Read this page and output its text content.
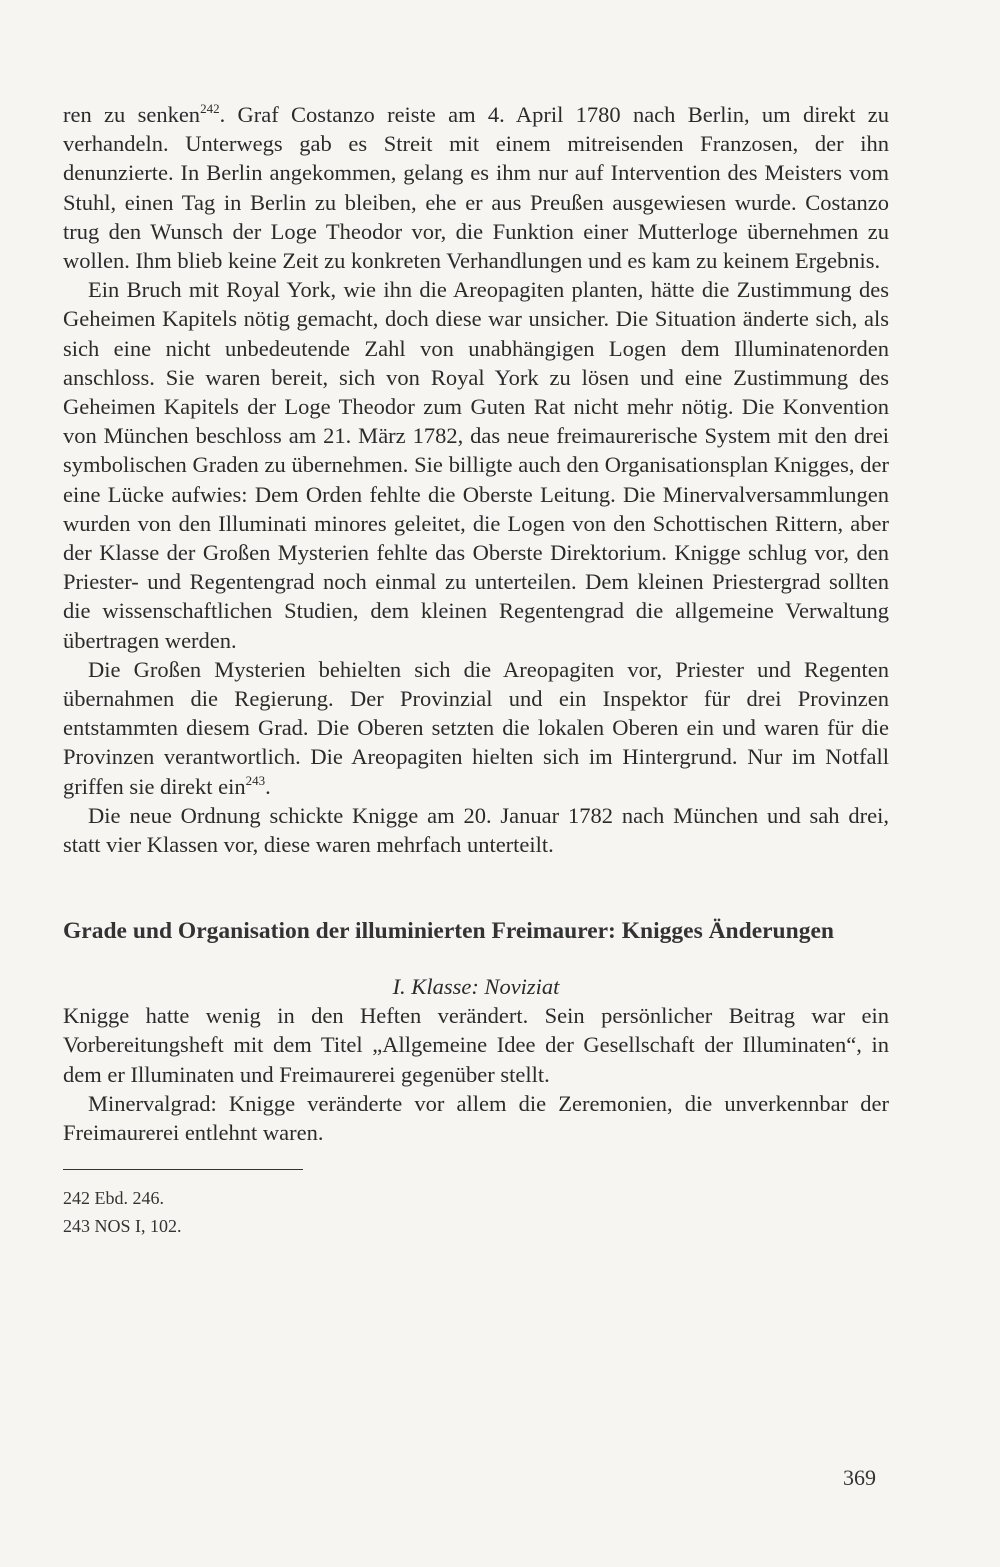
ren zu senken$^{242}$. Graf Costanzo reiste am 4. April 1780 nach Berlin, um direkt zu verhandeln. Unterwegs gab es Streit mit einem mitreisenden Franzosen, der ihn denunzierte. In Berlin angekommen, gelang es ihm nur auf Intervention des Meisters vom Stuhl, einen Tag in Berlin zu bleiben, ehe er aus Preußen ausgewiesen wurde. Costanzo trug den Wunsch der Loge Theodor vor, die Funktion einer Mutterloge übernehmen zu wollen. Ihm blieb keine Zeit zu konkreten Verhandlungen und es kam zu keinem Ergebnis.

Ein Bruch mit Royal York, wie ihn die Areopagiten planten, hätte die Zustimmung des Geheimen Kapitels nötig gemacht, doch diese war unsicher. Die Situation änderte sich, als sich eine nicht unbedeutende Zahl von unabhängigen Logen dem Illuminatenorden anschloss. Sie waren bereit, sich von Royal York zu lösen und eine Zustimmung des Geheimen Kapitels der Loge Theodor zum Guten Rat nicht mehr nötig. Die Konvention von München beschloss am 21. März 1782, das neue freimaurerische System mit den drei symbolischen Graden zu übernehmen. Sie billigte auch den Organisationsplan Knigges, der eine Lücke aufwies: Dem Orden fehlte die Oberste Leitung. Die Minervalversammlungen wurden von den Illuminati minores geleitet, die Logen von den Schottischen Rittern, aber der Klasse der Großen Mysterien fehlte das Oberste Direktorium. Knigge schlug vor, den Priester- und Regentengrad noch einmal zu unterteilen. Dem kleinen Priestergrad sollten die wissenschaftlichen Studien, dem kleinen Regentengrad die allgemeine Verwaltung übertragen werden.

Die Großen Mysterien behielten sich die Areopagiten vor, Priester und Regenten übernahmen die Regierung. Der Provinzial und ein Inspektor für drei Provinzen entstammten diesem Grad. Die Oberen setzten die lokalen Oberen ein und waren für die Provinzen verantwortlich. Die Areopagiten hielten sich im Hintergrund. Nur im Notfall griffen sie direkt ein$^{243}$.

Die neue Ordnung schickte Knigge am 20. Januar 1782 nach München und sah drei, statt vier Klassen vor, diese waren mehrfach unterteilt.

Grade und Organisation der illuminierten Freimaurer: Knigges Änderungen
I. Klasse: Noviziat

Knigge hatte wenig in den Heften verändert. Sein persönlicher Beitrag war ein Vorbereitungsheft mit dem Titel „Allgemeine Idee der Gesellschaft der Illuminaten“, in dem er Illuminaten und Freimaurerei gegenüber stellt.

Minervalgrad: Knigge veränderte vor allem die Zeremonien, die unverkennbar der Freimaurerei entlehnt waren.

242 Ebd. 246.
243 NOS I, 102.
369
